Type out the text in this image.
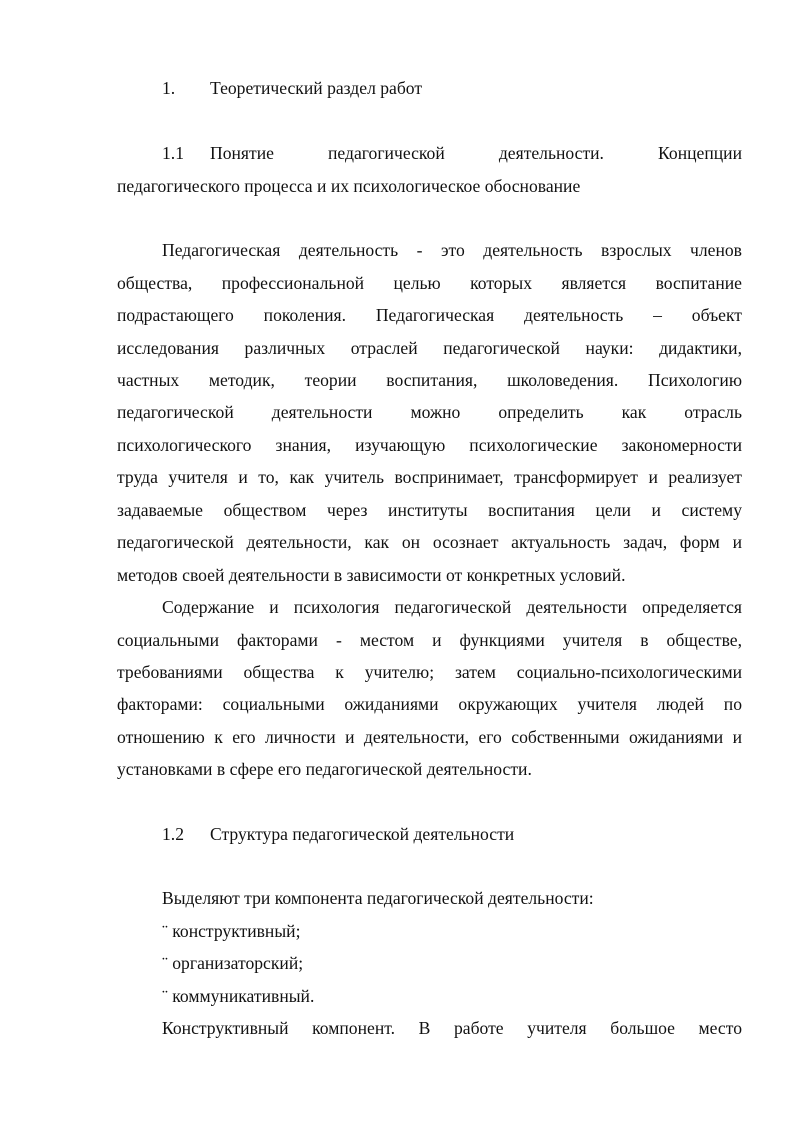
1. Теоретический раздел работ
1.1 Понятие педагогической деятельности. Концепции
педагогического процесса и их психологическое обоснование
Педагогическая деятельность - это деятельность взрослых членов
общества, профессиональной целью которых является воспитание
подрастающего поколения. Педагогическая деятельность – объект
исследования различных отраслей педагогической науки: дидактики,
частных методик, теории воспитания, школоведения. Психологию
педагогической деятельности можно определить как отрасль
психологического знания, изучающую психологические закономерности
труда учителя и то, как учитель воспринимает, трансформирует и реализует
задаваемые обществом через институты воспитания цели и систему
педагогической деятельности, как он осознает актуальность задач, форм и
методов своей деятельности в зависимости от конкретных условий.
Содержание и психология педагогической деятельности определяется
социальными факторами - местом и функциями учителя в обществе,
требованиями общества к учителю; затем социально-психологическими
факторами: социальными ожиданиями окружающих учителя людей по
отношению к его личности и деятельности, его собственными ожиданиями и
установками в сфере его педагогической деятельности.
1.2 Структура педагогической деятельности
Выделяют три компонента педагогической деятельности:
¨ конструктивный;
¨ организаторский;
¨ коммуникативный.
Конструктивный компонент. В работе учителя большое место
